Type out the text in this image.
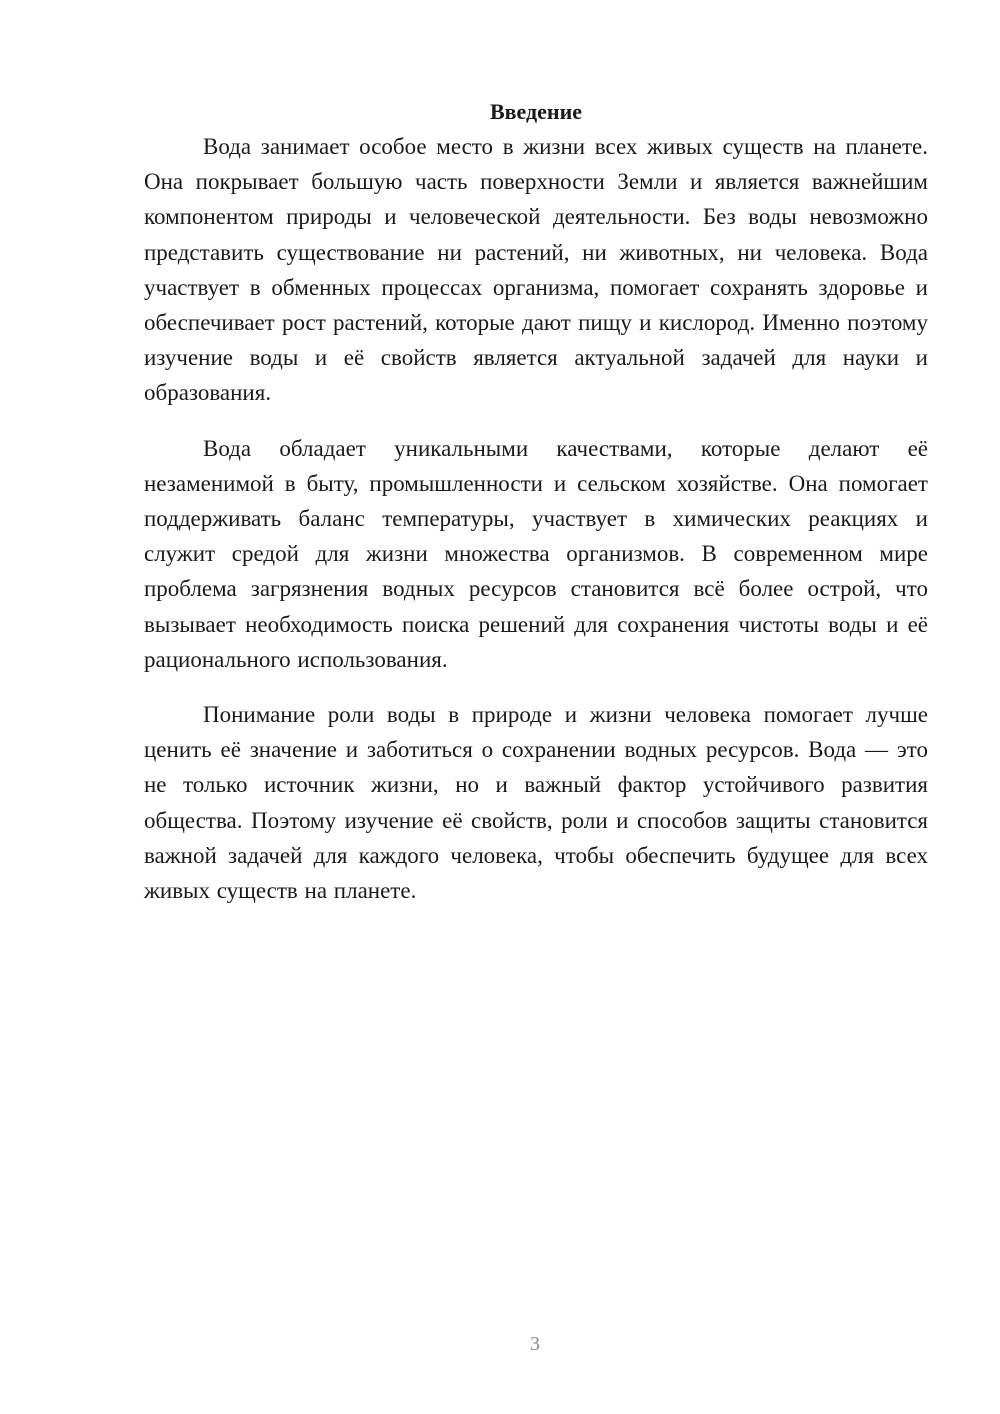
Введение

Вода занимает особое место в жизни всех живых существ на планете. Она покрывает большую часть поверхности Земли и является важнейшим компонентом природы и человеческой деятельности. Без воды невозможно представить существование ни растений, ни животных, ни человека. Вода участвует в обменных процессах организма, помогает сохранять здоровье и обеспечивает рост растений, которые дают пищу и кислород. Именно поэтому изучение воды и её свойств является актуальной задачей для науки и образования.

Вода обладает уникальными качествами, которые делают её незаменимой в быту, промышленности и сельском хозяйстве. Она помогает поддерживать баланс температуры, участвует в химических реакциях и служит средой для жизни множества организмов. В современном мире проблема загрязнения водных ресурсов становится всё более острой, что вызывает необходимость поиска решений для сохранения чистоты воды и её рационального использования.

Понимание роли воды в природе и жизни человека помогает лучше ценить её значение и заботиться о сохранении водных ресурсов. Вода — это не только источник жизни, но и важный фактор устойчивого развития общества. Поэтому изучение её свойств, роли и способов защиты становится важной задачей для каждого человека, чтобы обеспечить будущее для всех живых существ на планете.

3
